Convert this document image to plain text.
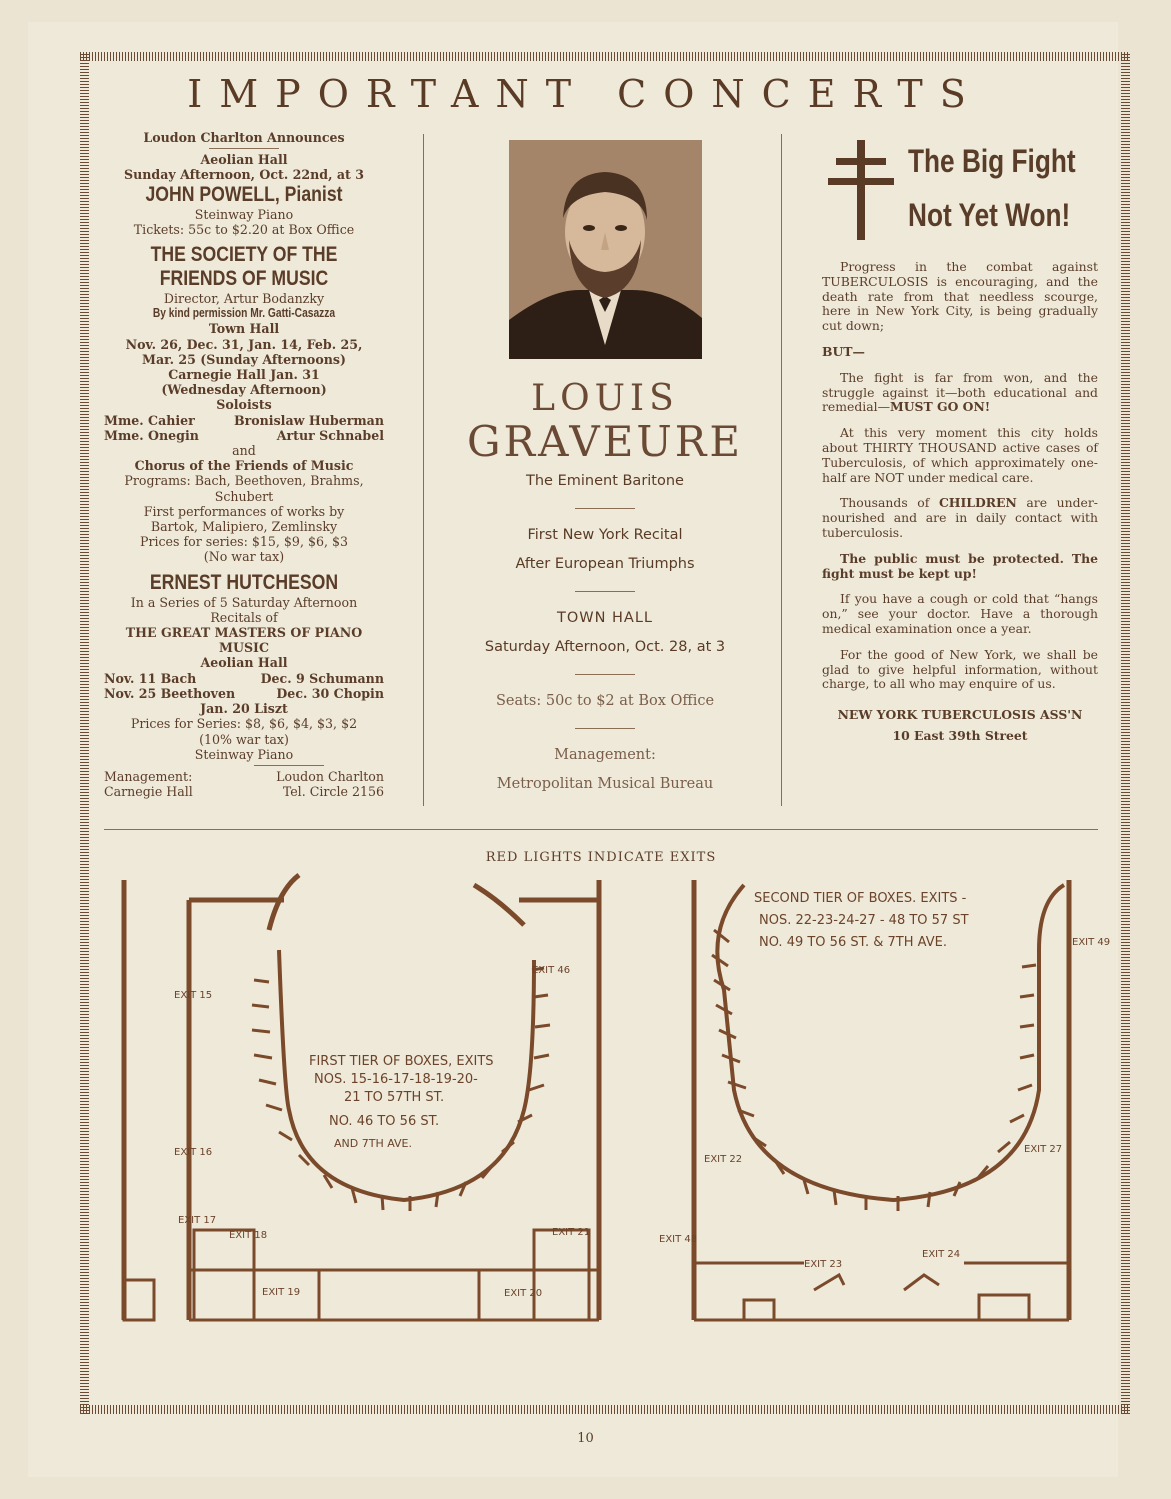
IMPORTANT CONCERTS
Loudon Charlton Announces
Aeolian Hall
Sunday Afternoon, Oct. 22nd, at 3
JOHN POWELL, Pianist
Steinway Piano
Tickets: 55c to $2.20 at Box Office
THE SOCIETY OF THE
FRIENDS OF MUSIC
Director, Artur Bodanzky
By kind permission Mr. Gatti-Casazza
Town Hall
Nov. 26, Dec. 31, Jan. 14, Feb. 25,
Mar. 25 (Sunday Afternoons)
Carnegie Hall Jan. 31
(Wednesday Afternoon)
Soloists
Mme. Cahier	Bronislaw Huberman
Mme. Onegin	Artur Schnabel
and
Chorus of the Friends of Music
Programs: Bach, Beethoven, Brahms,
Schubert
First performances of works by
Bartok, Malipiero, Zemlinsky
Prices for series: $15, $9, $6, $3
(No war tax)
ERNEST HUTCHESON
In a Series of 5 Saturday Afternoon
Recitals of
THE GREAT MASTERS OF PIANO
MUSIC
Aeolian Hall
Nov. 11 Bach	Dec. 9 Schumann
Nov. 25 Beethoven	Dec. 30 Chopin
Jan. 20 Liszt
Prices for Series: $8, $6, $4, $3, $2
(10% war tax)
Steinway Piano
Management:	Loudon Charlton
Carnegie Hall	Tel. Circle 2156
LOUIS
GRAVEURE
The Eminent Baritone
First New York Recital
After European Triumphs
TOWN HALL
Saturday Afternoon, Oct. 28, at 3
Seats: 50c to $2 at Box Office
Management:
Metropolitan Musical Bureau
The Big Fight
Not Yet Won!

Progress in the combat against TUBERCULOSIS is encouraging, and the death rate from that needless scourge, here in New York City, is being gradually cut down;

BUT—

The fight is far from won, and the struggle against it—both educational and remedial—MUST GO ON!

At this very moment this city holds about THIRTY THOUSAND active cases of Tuberculosis, of which approximately one-half are NOT under medical care.

Thousands of CHILDREN are under-nourished and are in daily contact with tuberculosis.

The public must be protected. The fight must be kept up!

If you have a cough or cold that “hangs on,” see your doctor. Have a thorough medical examination once a year.

For the good of New York, we shall be glad to give helpful information, without charge, to all who may enquire of us.

NEW YORK TUBERCULOSIS ASS'N
10 East 39th Street
RED LIGHTS INDICATE EXITS
FIRST TIER OF BOXES, EXITS
NOS. 15-16-17-18-19-20-
21 TO 57TH ST.
NO. 46 TO 56 ST.
AND 7TH AVE.
EXIT 15
EXIT 16
EXIT 17
EXIT 18
EXIT 19	EXIT 20
EXIT 21
EXIT 46
SECOND TIER OF BOXES. EXITS -
NOS. 22-23-24-27 - 48 TO 57 ST
NO. 49 TO 56 ST. & 7TH AVE.
EXIT 22
EXIT 23
EXIT 24
EXIT 27
EXIT 48
EXIT 49
10
